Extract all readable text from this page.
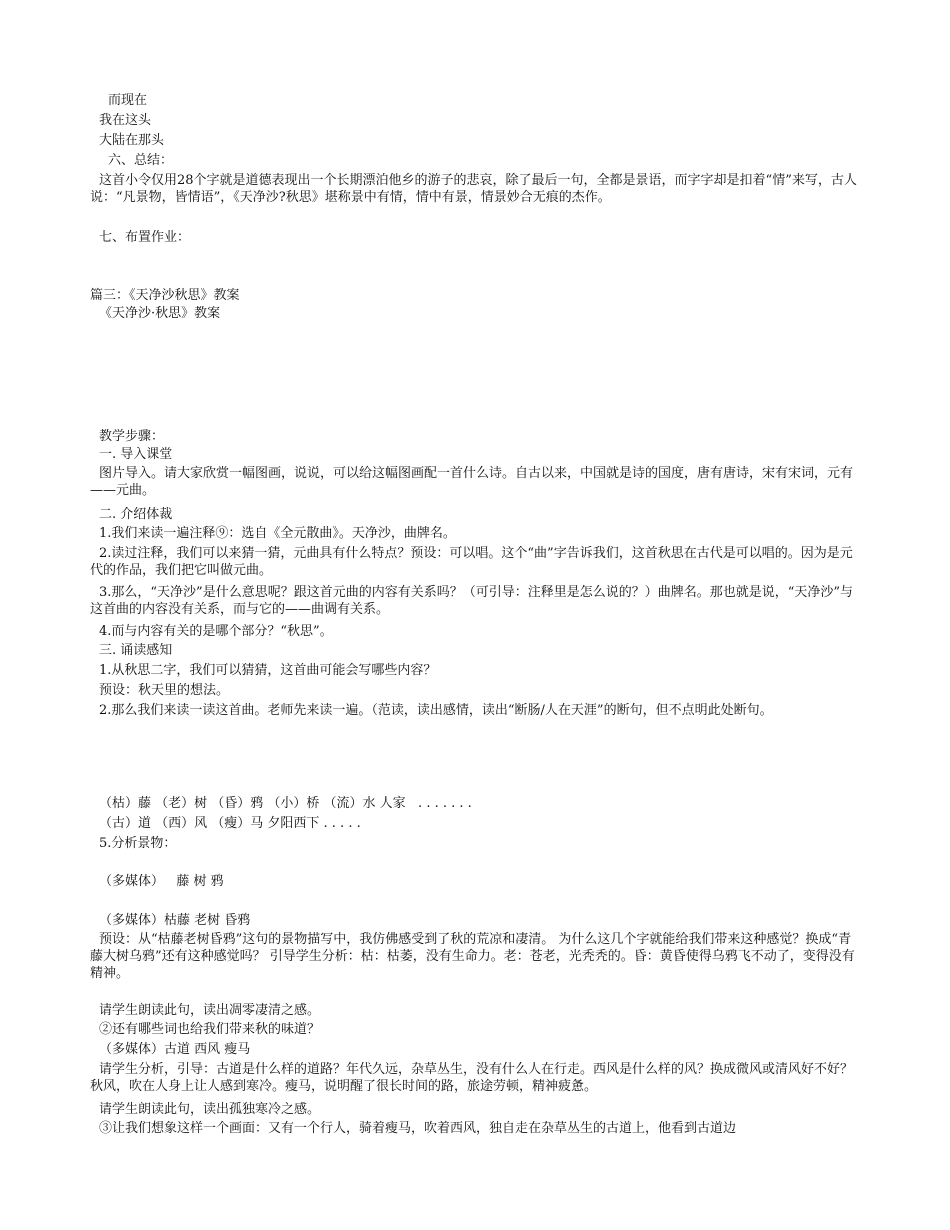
而现在
我在这头
大陆在那头
六、总结：
这首小令仅用28个字就是道德表现出一个长期漂泊他乡的游子的悲哀，除了最后一句，全都是景语，而字字却是扣着“情”来写，古人说：“凡景物，皆情语”，《天净沙?秋思》堪称景中有情，情中有景，情景妙合无痕的杰作。
七、布置作业：
篇三：《天净沙秋思》教案
《天净沙·秋思》教案
教学步骤：
一. 导入课堂
图片导入。请大家欣赏一幅图画，说说，可以给这幅图画配一首什么诗。自古以来，中国就是诗的国度，唐有唐诗，宋有宋词，元有——元曲。
二. 介绍体裁
1.我们来读一遍注释⑨：选自《全元散曲》。天净沙，曲牌名。
2.读过注释，我们可以来猜一猜，元曲具有什么特点？预设：可以唱。这个“曲”字告诉我们，这首秋思在古代是可以唱的。因为是元代的作品，我们把它叫做元曲。
3.那么，“天净沙”是什么意思呢？跟这首元曲的内容有关系吗？（可引导：注释里是怎么说的？）曲牌名。那也就是说，“天净沙”与这首曲的内容没有关系，而与它的——曲调有关系。
4.而与内容有关的是哪个部分？“秋思”。
三. 诵读感知
1.从秋思二字，我们可以猜猜，这首曲可能会写哪些内容？
预设：秋天里的想法。
2.那么我们来读一读这首曲。老师先来读一遍。（范读，读出感情，读出“断肠/人在天涯”的断句，但不点明此处断句。
（枯）藤 （老）树 （昏）鸦 （小）桥 （流）水 人家   . . . . . . .
（古）道 （西）风 （瘦）马 夕阳西下 . . . . .
5.分析景物：
（多媒体）   藤 树 鸦
（多媒体）枯藤 老树 昏鸦
预设：从“枯藤老树昏鸦”这句的景物描写中，我仿佛感受到了秋的荒凉和凄清。 为什么这几个字就能给我们带来这种感觉？换成“青藤大树乌鸦”还有这种感觉吗？ 引导学生分析：枯：枯萎，没有生命力。老：苍老，光秃秃的。昏：黄昏使得乌鸦飞不动了，变得没有精神。
请学生朗读此句，读出凋零凄清之感。
②还有哪些词也给我们带来秋的味道？
（多媒体）古道 西风 瘦马
请学生分析，引导：古道是什么样的道路？年代久远，杂草丛生，没有什么人在行走。西风是什么样的风？换成微风或清风好不好？秋风，吹在人身上让人感到寒冷。瘦马，说明醒了很长时间的路，旅途劳顿，精神疲惫。
请学生朗读此句，读出孤独寒冷之感。
③让我们想象这样一个画面：又有一个行人，骑着瘦马，吹着西风，独自走在杂草丛生的古道上，他看到古道边
